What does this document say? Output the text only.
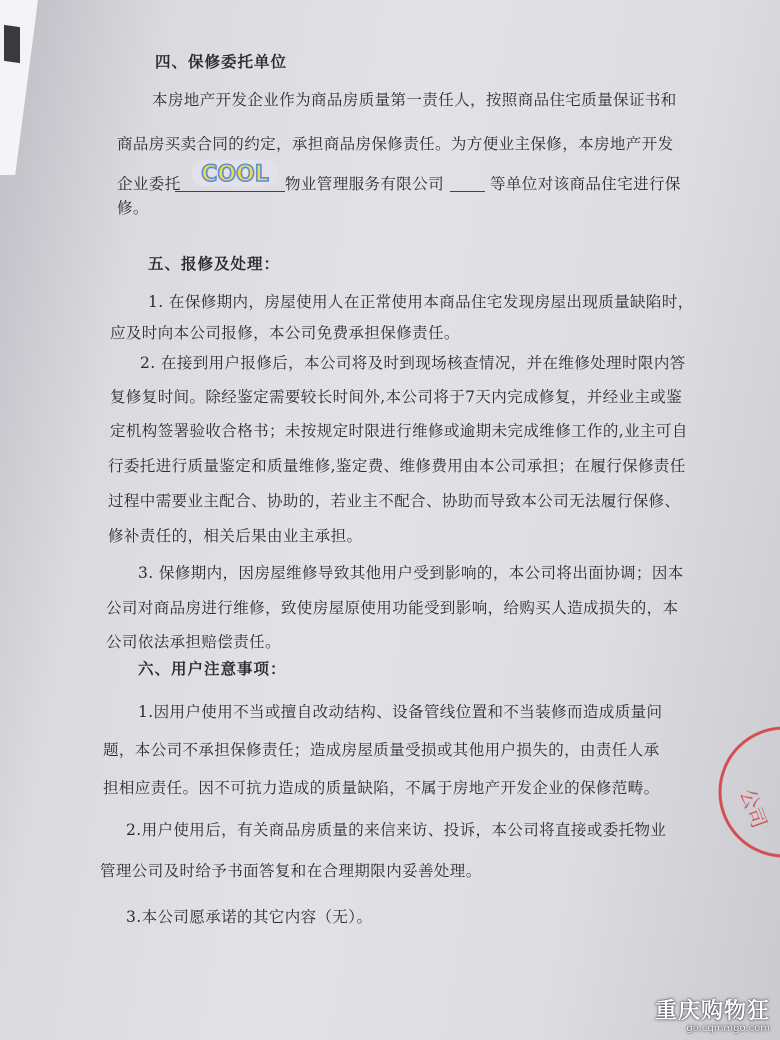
四、保修委托单位
本房地产开发企业作为商品房质量第一责任人，按照商品住宅质量保证书和
商品房买卖合同的约定，承担商品房保修责任。为方便业主保修，本房地产开发
企业委托 COOL 物业管理服务有限公司	等单位对该商品住宅进行保
修。
五、报修及处理：
1. 在保修期内，房屋使用人在正常使用本商品住宅发现房屋出现质量缺陷时，
应及时向本公司报修，本公司免费承担保修责任。
2. 在接到用户报修后，本公司将及时到现场核查情况，并在维修处理时限内答
复修复时间。除经鉴定需要较长时间外,本公司将于7天内完成修复，并经业主或鉴
定机构签署验收合格书；未按规定时限进行维修或逾期未完成维修工作的,业主可自
行委托进行质量鉴定和质量维修,鉴定费、维修费用由本公司承担；在履行保修责任
过程中需要业主配合、协助的，若业主不配合、协助而导致本公司无法履行保修、
修补责任的，相关后果由业主承担。
3. 保修期内，因房屋维修导致其他用户受到影响的，本公司将出面协调；因本
公司对商品房进行维修，致使房屋原使用功能受到影响，给购买人造成损失的，本
公司依法承担赔偿责任。
六、用户注意事项：
1.因用户使用不当或擅自改动结构、设备管线位置和不当装修而造成质量问
题，本公司不承担保修责任；造成房屋质量受损或其他用户损失的，由责任人承
担相应责任。因不可抗力造成的质量缺陷，不属于房地产开发企业的保修范畴。
2.用户使用后，有关商品房质量的来信来访、投诉，本公司将直接或委托物业
管理公司及时给予书面答复和在合理期限内妥善处理。
3.本公司愿承诺的其它内容（无）。
公司
重庆购物狂
go.cqmmgo.com
